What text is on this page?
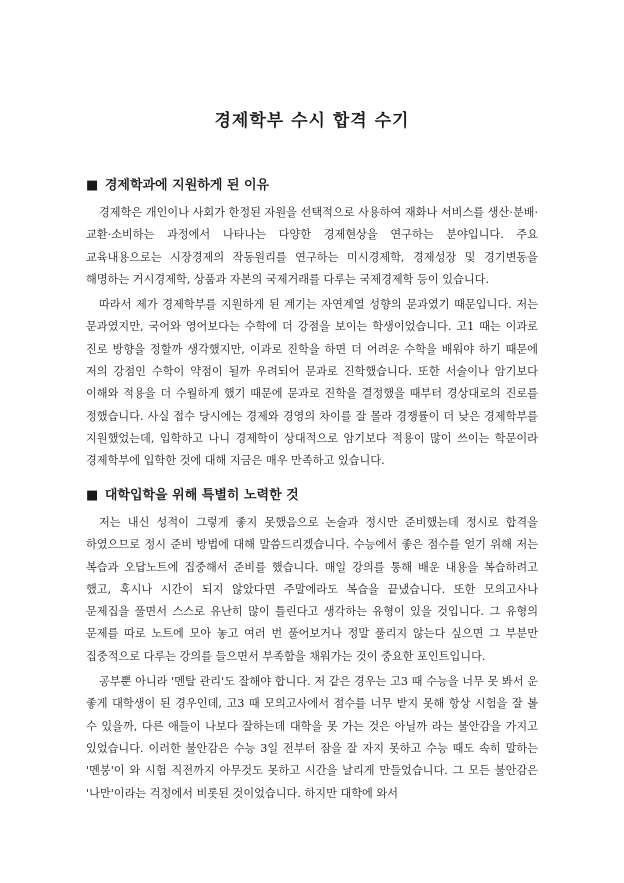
경제학부 수시 합격 수기
■ 경제학과에 지원하게 된 이유

경제학은 개인이나 사회가 한정된 자원을 선택적으로 사용하여 재화나 서비스를 생산·분배·교환·소비하는 과정에서 나타나는 다양한 경제현상을 연구하는 분야입니다. 주요 교육내용으로는 시장경제의 작동원리를 연구하는 미시경제학, 경제성장 및 경기변동을 해명하는 거시경제학, 상품과 자본의 국제거래를 다루는 국제경제학 등이 있습니다.

따라서 제가 경제학부를 지원하게 된 계기는 자연계열 성향의 문과였기 때문입니다. 저는 문과였지만, 국어와 영어보다는 수학에 더 강점을 보이는 학생이었습니다. 고1 때는 이과로 진로 방향을 정할까 생각했지만, 이과로 진학을 하면 더 어려운 수학을 배워야 하기 때문에 저의 강점인 수학이 약점이 될까 우려되어 문과로 진학했습니다. 또한 서술이나 암기보다 이해와 적용을 더 수월하게 했기 때문에 문과로 진학을 결정했을 때부터 경상대로의 진로를 정했습니다. 사실 접수 당시에는 경제와 경영의 차이를 잘 몰라 경쟁률이 더 낮은 경제학부를 지원했었는데, 입학하고 나니 경제학이 상대적으로 암기보다 적용이 많이 쓰이는 학문이라 경제학부에 입학한 것에 대해 지금은 매우 만족하고 있습니다.

■ 대학입학을 위해 특별히 노력한 것

저는 내신 성적이 그렇게 좋지 못했음으로 논술과 정시만 준비했는데 정시로 합격을 하였으므로 정시 준비 방법에 대해 말씀드리겠습니다. 수능에서 좋은 점수를 얻기 위해 저는 복습과 오답노트에 집중해서 준비를 했습니다. 매일 강의를 통해 배운 내용을 복습하려고 했고, 혹시나 시간이 되지 않았다면 주말에라도 복습을 끝냈습니다. 또한 모의고사나 문제집을 풀면서 스스로 유난히 많이 틀린다고 생각하는 유형이 있을 것입니다. 그 유형의 문제를 따로 노트에 모아 놓고 여러 번 풀어보거나 정말 풀리지 않는다 싶으면 그 부분만 집중적으로 다루는 강의를 들으면서 부족함을 채워가는 것이 중요한 포인트입니다.

공부뿐 아니라 '멘탈 관리'도 잘해야 합니다. 저 같은 경우는 고3 때 수능을 너무 못 봐서 운 좋게 대학생이 된 경우인데, 고3 때 모의고사에서 점수를 너무 받지 못해 항상 시험을 잘 볼 수 있을까, 다른 애들이 나보다 잘하는데 대학을 못 가는 것은 아닐까 라는 불안감을 가지고 있었습니다. 이러한 불안감은 수능 3일 전부터 잠을 잘 자지 못하고 수능 때도 속히 말하는 '멘붕'이 와 시험 직전까지 아무것도 못하고 시간을 날리게 만들었습니다. 그 모든 불안감은 '나만'이라는 걱정에서 비롯된 것이었습니다. 하지만 대학에 와서
